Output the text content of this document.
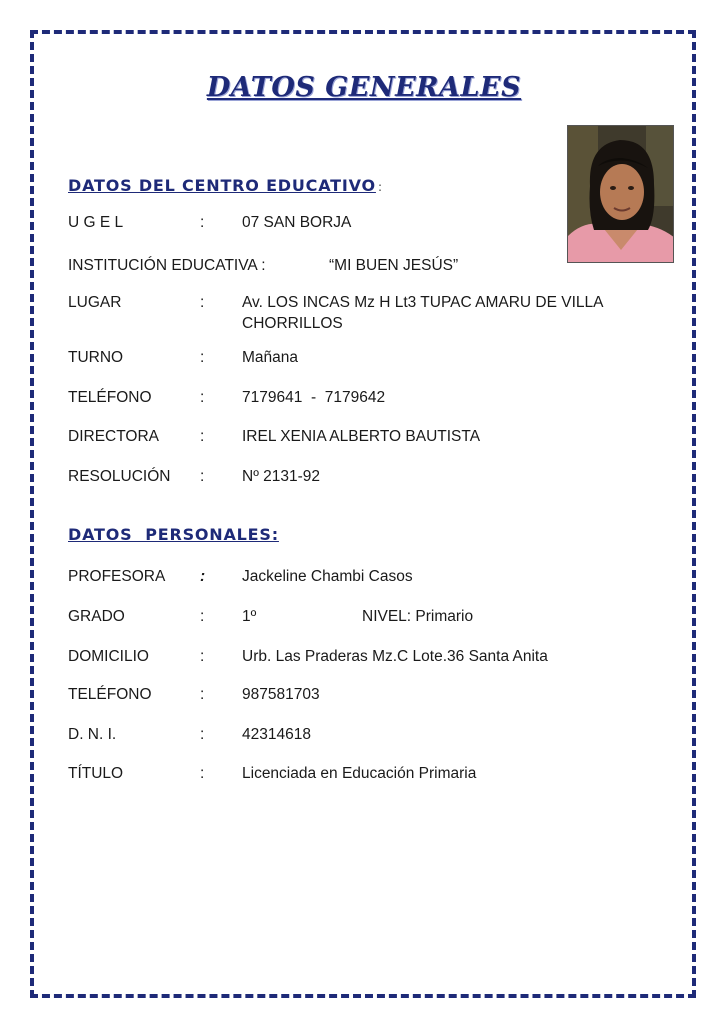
DATOS GENERALES
DATOS DEL CENTRO EDUCATIVO :
U G E L	: 07 SAN BORJA
INSTITUCIÓN EDUCATIVA :	“MI BUEN JESÚS”
LUGAR	: Av. LOS INCAS Mz H Lt3 TUPAC AMARU DE VILLA CHORRILLOS
TURNO	: Mañana
TELÉFONO	: 7179641  -  7179642
DIRECTORA	: IREL XENIA ALBERTO BAUTISTA
RESOLUCIÓN : Nº 2131-92
DATOS  PERSONALES:
PROFESORA : Jackeline Chambi Casos
GRADO	: 1º	NIVEL: Primario
DOMICILIO	: Urb. Las Praderas Mz.C Lote.36 Santa Anita
TELÉFONO	: 987581703
D. N. I.	: 42314618
TÍTULO	: Licenciada en Educación Primaria
